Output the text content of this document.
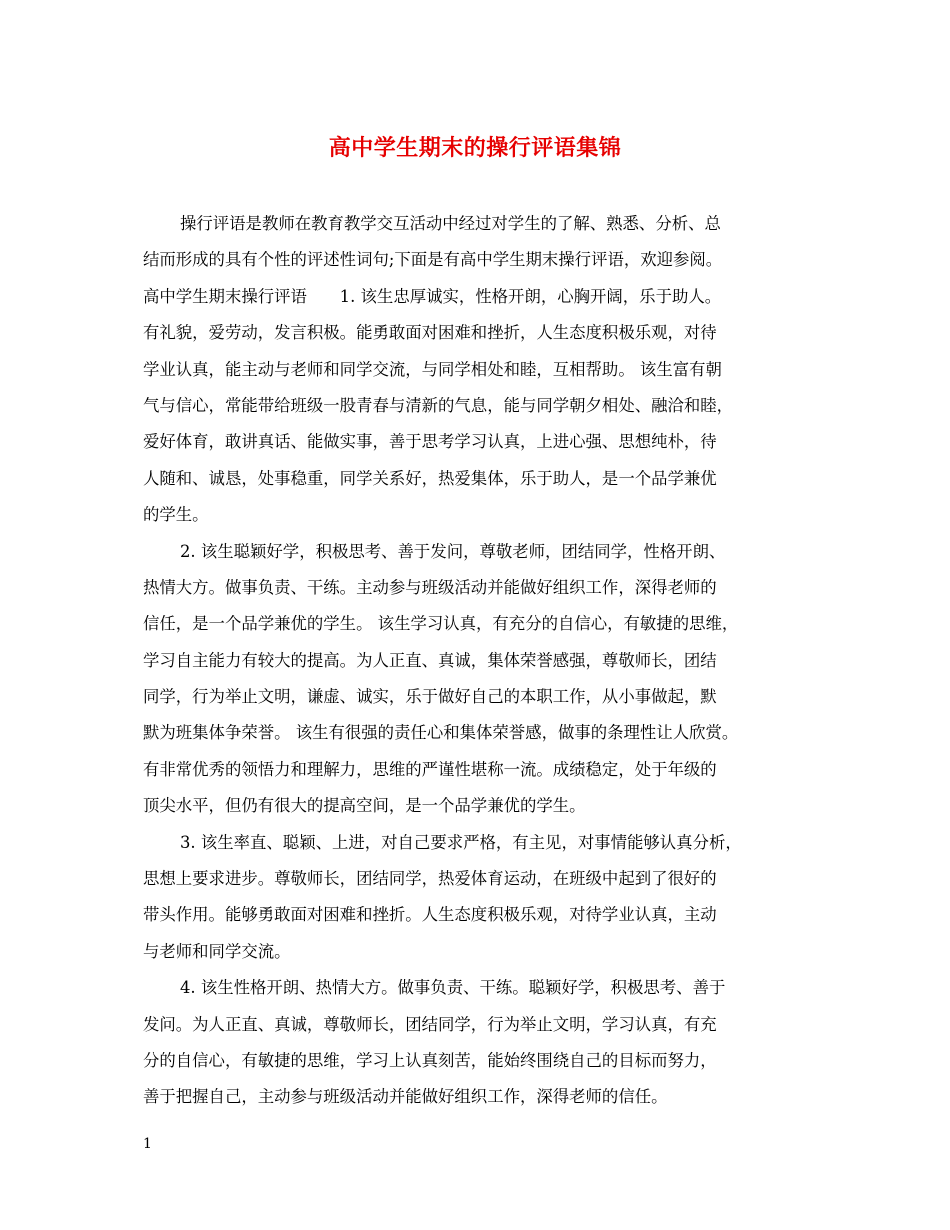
高中学生期末的操行评语集锦
操行评语是教师在教育教学交互活动中经过对学生的了解、熟悉、分析、总
结而形成的具有个性的评述性词句;下面是有高中学生期末操行评语，欢迎参阅。
高中学生期末操行评语　　1. 该生忠厚诚实，性格开朗，心胸开阔，乐于助人。
有礼貌，爱劳动，发言积极。能勇敢面对困难和挫折，人生态度积极乐观，对待
学业认真，能主动与老师和同学交流，与同学相处和睦，互相帮助。 该生富有朝
气与信心，常能带给班级一股青春与清新的气息，能与同学朝夕相处、融洽和睦，
爱好体育，敢讲真话、能做实事，善于思考学习认真，上进心强、思想纯朴，待
人随和、诚恳，处事稳重，同学关系好，热爱集体，乐于助人，是一个品学兼优
的学生。
2. 该生聪颖好学，积极思考、善于发问，尊敬老师，团结同学，性格开朗、
热情大方。做事负责、干练。主动参与班级活动并能做好组织工作，深得老师的
信任，是一个品学兼优的学生。 该生学习认真，有充分的自信心，有敏捷的思维，
学习自主能力有较大的提高。为人正直、真诚，集体荣誉感强，尊敬师长，团结
同学，行为举止文明，谦虚、诚实，乐于做好自己的本职工作，从小事做起，默
默为班集体争荣誉。 该生有很强的责任心和集体荣誉感，做事的条理性让人欣赏。
有非常优秀的领悟力和理解力，思维的严谨性堪称一流。成绩稳定，处于年级的
顶尖水平，但仍有很大的提高空间，是一个品学兼优的学生。
3. 该生率直、聪颖、上进，对自己要求严格，有主见，对事情能够认真分析，
思想上要求进步。尊敬师长，团结同学，热爱体育运动，在班级中起到了很好的
带头作用。能够勇敢面对困难和挫折。人生态度积极乐观，对待学业认真，主动
与老师和同学交流。
4. 该生性格开朗、热情大方。做事负责、干练。聪颖好学，积极思考、善于
发问。为人正直、真诚，尊敬师长，团结同学，行为举止文明，学习认真，有充
分的自信心，有敏捷的思维，学习上认真刻苦，能始终围绕自己的目标而努力，
善于把握自己，主动参与班级活动并能做好组织工作，深得老师的信任。
1
